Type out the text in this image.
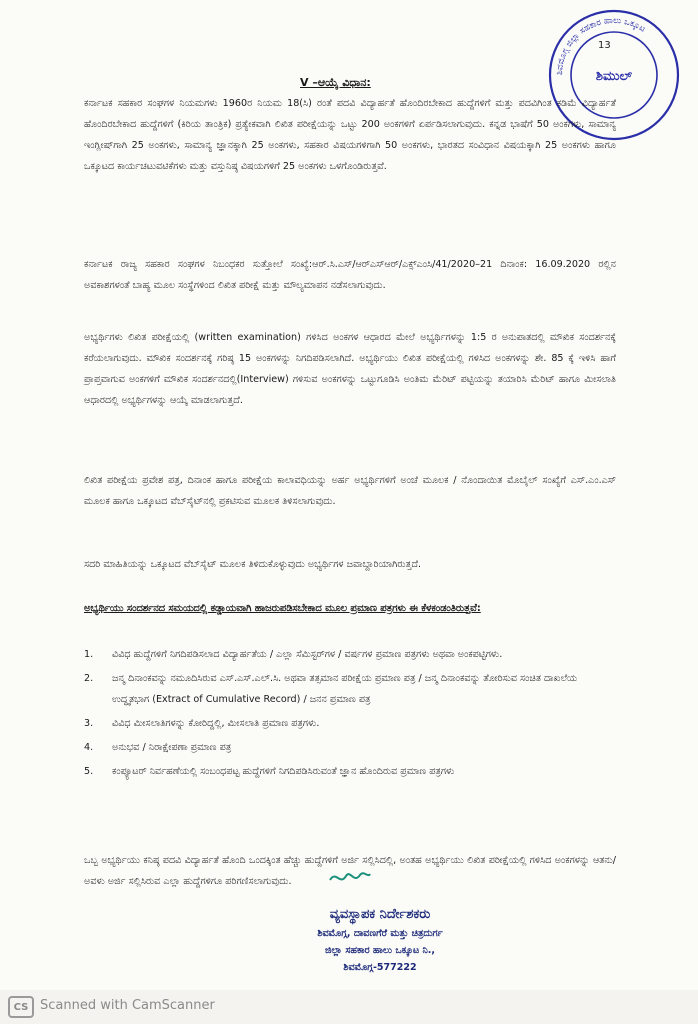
13
ಶಿವಮೊಗ್ಗ ಜಿಲ್ಲಾ ಸಹಕಾರ ಹಾಲು ಒಕ್ಕೂಟ
ಶಿಮುಲ್
V –ಆಯ್ಕೆ ವಿಧಾನ:

ಕರ್ನಾಟಕ ಸಹಕಾರ ಸಂಘಗಳ ನಿಯಮಗಳು 1960ರ ನಿಯಮ 18(ಸಿ) ರಂತೆ ಪದವಿ ವಿದ್ಯಾರ್ಹತೆ ಹೊಂದಿರಬೇಕಾದ ಹುದ್ದೆಗಳಿಗೆ ಮತ್ತು ಪದವಿಗಿಂತ ಕಡಿಮೆ ವಿದ್ಯಾರ್ಹತೆ ಹೊಂದಿರಬೇಕಾದ ಹುದ್ದೆಗಳಿಗೆ (ಕಿರಿಯ ತಾಂತ್ರಿಕ) ಪ್ರತ್ಯೇಕವಾಗಿ ಲಿಖಿತ ಪರೀಕ್ಷೆಯನ್ನು ಒಟ್ಟು 200 ಅಂಕಗಳಿಗೆ ಏರ್ಪಡಿಸಲಾಗುವುದು. ಕನ್ನಡ ಭಾಷೆಗೆ 50 ಅಂಕಗಳು, ಸಾಮಾನ್ಯ ಇಂಗ್ಲೀಷ್‌ಗಾಗಿ 25 ಅಂಕಗಳು, ಸಾಮಾನ್ಯ ಜ್ಞಾನಕ್ಕಾಗಿ 25 ಅಂಕಗಳು, ಸಹಕಾರ ವಿಷಯಗಳಿಗಾಗಿ 50 ಅಂಕಗಳು, ಭಾರತದ ಸಂವಿಧಾನ ವಿಷಯಕ್ಕಾಗಿ 25 ಅಂಕಗಳು ಹಾಗೂ ಒಕ್ಕೂಟದ ಕಾರ್ಯಚಟುವಟಿಕೆಗಳು ಮತ್ತು ವಸ್ತುನಿಷ್ಠ ವಿಷಯಗಳಿಗೆ 25 ಅಂಕಗಳು ಒಳಗೊಂಡಿರುತ್ತವೆ.

ಕರ್ನಾಟಕ ರಾಜ್ಯ ಸಹಕಾರ ಸಂಘಗಳ ನಿಬಂಧಕರ ಸುತ್ತೋಲೆ ಸಂಖ್ಯೆ:ಆರ್.ಸಿ.ಎಸ್/ಆರ್‌ಎಸ್‌ಆರ್/ಎಕ್ಸ್‌ಎಂಸಿ/41/2020–21 ದಿನಾಂಕ: 16.09.2020 ರಲ್ಲಿನ ಅವಕಾಶಗಳಂತೆ ಬಾಹ್ಯ ಮೂಲ ಸಂಸ್ಥೆಗಳಿಂದ ಲಿಖಿತ ಪರೀಕ್ಷೆ ಮತ್ತು ಮೌಲ್ಯಮಾಪನ ನಡೆಸಲಾಗುವುದು.

ಅಭ್ಯರ್ಥಿಗಳು ಲಿಖಿತ ಪರೀಕ್ಷೆಯಲ್ಲಿ (written examination) ಗಳಿಸಿದ ಅಂಕಗಳ ಆಧಾರದ ಮೇಲೆ ಅಭ್ಯರ್ಥಿಗಳನ್ನು 1:5 ರ ಅನುಪಾತದಲ್ಲಿ ಮೌಖಿಕ ಸಂದರ್ಶನಕ್ಕೆ ಕರೆಯಲಾಗುವುದು. ಮೌಖಿಕ ಸಂದರ್ಶನಕ್ಕೆ ಗರಿಷ್ಠ 15 ಅಂಕಗಳನ್ನು ನಿಗದಿಪಡಿಸಲಾಗಿದೆ. ಅಭ್ಯರ್ಥಿಯು ಲಿಖಿತ ಪರೀಕ್ಷೆಯಲ್ಲಿ ಗಳಿಸಿದ ಅಂಕಗಳನ್ನು ಶೇ. 85 ಕ್ಕೆ ಇಳಿಸಿ ಹಾಗೆ ಪ್ರಾಪ್ತವಾಗುವ ಅಂಕಗಳಿಗೆ ಮೌಖಿಕ ಸಂದರ್ಶನದಲ್ಲಿ(Interview) ಗಳಿಸುವ ಅಂಕಗಳನ್ನು ಒಟ್ಟುಗೂಡಿಸಿ ಅಂತಿಮ ಮೆರಿಟ್ ಪಟ್ಟಿಯನ್ನು ತಯಾರಿಸಿ ಮೆರಿಟ್ ಹಾಗೂ ಮೀಸಲಾತಿ ಆಧಾರದಲ್ಲಿ ಅಭ್ಯರ್ಥಿಗಳನ್ನು ಆಯ್ಕೆ ಮಾಡಲಾಗುತ್ತದೆ.

ಲಿಖಿತ ಪರೀಕ್ಷೆಯ ಪ್ರವೇಶ ಪತ್ರ, ದಿನಾಂಕ ಹಾಗೂ ಪರೀಕ್ಷೆಯ ಕಾಲಾವಧಿಯನ್ನು ಅರ್ಹ ಅಭ್ಯರ್ಥಿಗಳಿಗೆ ಅಂಚೆ ಮೂಲಕ / ನೊಂದಾಯಿತ ಮೊಬೈಲ್ ಸಂಖ್ಯೆಗೆ ಎಸ್.ಎಂ.ಎಸ್ ಮೂಲಕ ಹಾಗೂ ಒಕ್ಕೂಟದ ವೆಬ್‌ಸೈಟ್‌ನಲ್ಲಿ ಪ್ರಕಟಿಸುವ ಮೂಲಕ ತಿಳಿಸಲಾಗುವುದು.

ಸದರಿ ಮಾಹಿತಿಯನ್ನು ಒಕ್ಕೂಟದ ವೆಬ್‌ಸೈಟ್ ಮೂಲಕ ತಿಳಿದುಕೊಳ್ಳುವುದು ಅಭ್ಯರ್ಥಿಗಳ ಜವಾಬ್ದಾರಿಯಾಗಿರುತ್ತದೆ.

ಅಭ್ಯರ್ಥಿಯು ಸಂದರ್ಶನದ ಸಮಯದಲ್ಲಿ ಕಡ್ಡಾಯವಾಗಿ ಹಾಜರುಪಡಿಸಬೇಕಾದ ಮೂಲ ಪ್ರಮಾಣ ಪತ್ರಗಳು ಈ ಕೆಳಕಂಡಂತಿರುತ್ತವೆ:

1.	ವಿವಿಧ ಹುದ್ದೆಗಳಿಗೆ ನಿಗದಿಪಡಿಸಲಾದ ವಿದ್ಯಾರ್ಹತೆಯ / ಎಲ್ಲಾ ಸೆಮಿಸ್ಟರ್‌ಗಳ / ವರ್ಷಗಳ ಪ್ರಮಾಣ ಪತ್ರಗಳು ಅಥವಾ ಅಂಕಪಟ್ಟಿಗಳು.
2.	ಜನ್ಮ ದಿನಾಂಕವನ್ನು ನಮೂದಿಸಿರುವ ಎಸ್.ಎಸ್.ಎಲ್.ಸಿ. ಅಥವಾ ತತ್ಸಮಾನ ಪರೀಕ್ಷೆಯ ಪ್ರಮಾಣ ಪತ್ರ / ಜನ್ಮ ದಿನಾಂಕವನ್ನು ತೋರಿಸುವ ಸಂಚಿತ ದಾಖಲೆಯ ಉದ್ಧೃತಭಾಗ (Extract of Cumulative Record) / ಜನನ ಪ್ರಮಾಣ ಪತ್ರ
3.	ವಿವಿಧ ಮೀಸಲಾತಿಗಳನ್ನು ಕೋರಿದ್ದಲ್ಲಿ, ಮೀಸಲಾತಿ ಪ್ರಮಾಣ ಪತ್ರಗಳು.
4.	ಅನುಭವ / ನಿರಾಕ್ಷೇಪಣಾ ಪ್ರಮಾಣ ಪತ್ರ
5.	ಕಂಪ್ಯೂಟರ್ ನಿರ್ವಹಣೆಯಲ್ಲಿ ಸಂಬಂಧಪಟ್ಟ ಹುದ್ದೆಗಳಿಗೆ ನಿಗದಿಪಡಿಸಿರುವಂತೆ ಜ್ಞಾನ ಹೊಂದಿರುವ ಪ್ರಮಾಣ ಪತ್ರಗಳು

ಒಬ್ಬ ಅಭ್ಯರ್ಥಿಯು ಕನಿಷ್ಠ ಪದವಿ ವಿದ್ಯಾರ್ಹತೆ ಹೊಂದಿ ಒಂದಕ್ಕಿಂತ ಹೆಚ್ಚು ಹುದ್ದೆಗಳಿಗೆ ಅರ್ಜಿ ಸಲ್ಲಿಸಿದಲ್ಲಿ, ಅಂತಹ ಅಭ್ಯರ್ಥಿಯು ಲಿಖಿತ ಪರೀಕ್ಷೆಯಲ್ಲಿ ಗಳಿಸಿದ ಅಂಕಗಳನ್ನು ಆತನು/ಅವಳು ಅರ್ಜಿ ಸಲ್ಲಿಸಿರುವ ಎಲ್ಲಾ ಹುದ್ದೆಗಳಿಗೂ ಪರಿಗಣಿಸಲಾಗುವುದು.

ವ್ಯವಸ್ಥಾಪಕ ನಿರ್ದೇಶಕರು
ಶಿವಮೊಗ್ಗ, ದಾವಣಗೆರೆ ಮತ್ತು ಚಿತ್ರದುರ್ಗ
ಜಿಲ್ಲಾ ಸಹಕಾರ ಹಾಲು ಒಕ್ಕೂಟ ನಿ.,
ಶಿವಮೊಗ್ಗ-577222
CS Scanned with CamScanner
